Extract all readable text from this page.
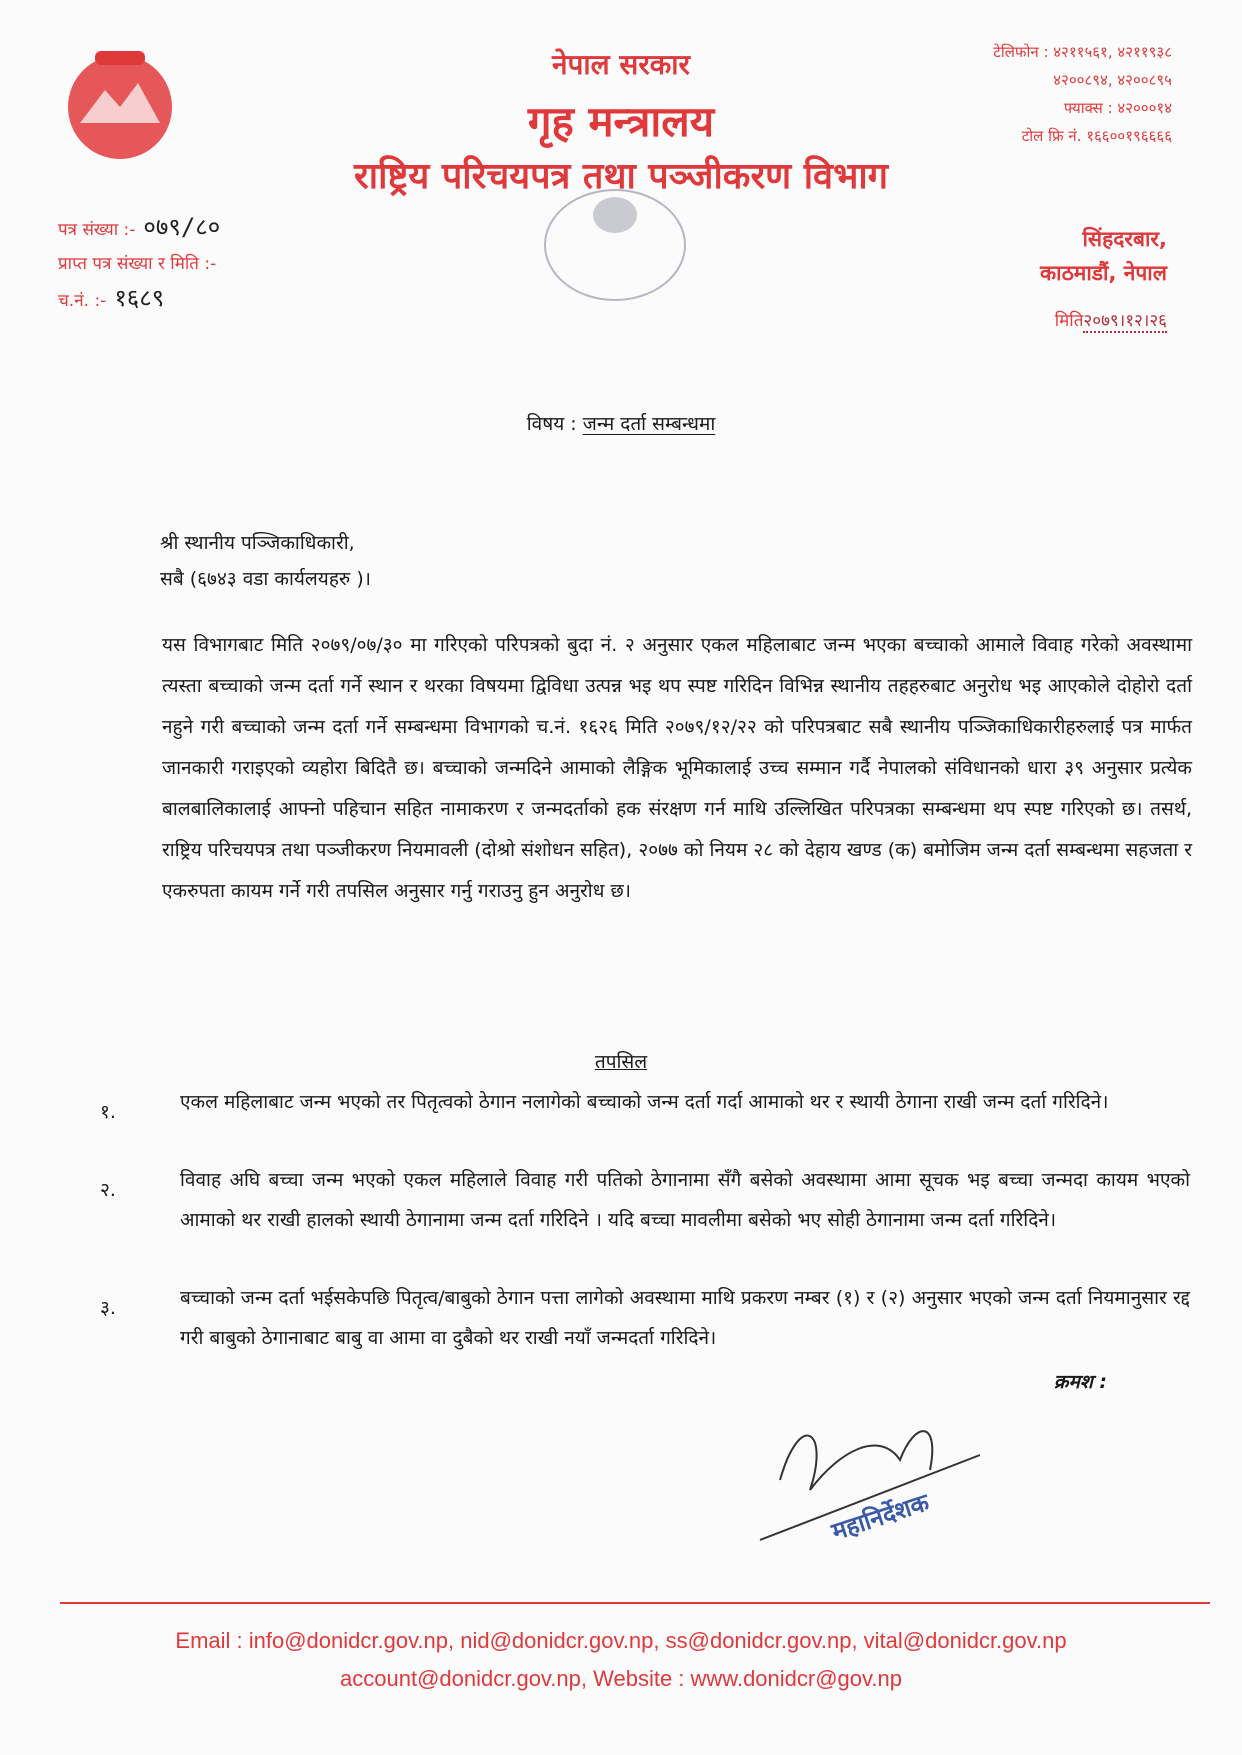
नेपाल सरकार
गृह मन्त्रालय
राष्ट्रिय परिचयपत्र तथा पञ्जीकरण विभाग
टेलिफोन : ४२११५६१, ४२११९३८
४२००८९४, ४२००८९५
फ्याक्स : ४२०००१४
टोल फ्रि नं. १६६००१९६६६६
पत्र संख्या :- ०७९/८०
प्राप्त पत्र संख्या र मिति :-
च.नं. :- १६८९
सिंहदरबार,
काठमाडौं, नेपाल
मिति२०७९।१२।२६
विषय : जन्म दर्ता सम्बन्धमा
श्री स्थानीय पञ्जिकाधिकारी,
सबै (६७४३ वडा कार्यलयहरु )।
यस विभागबाट मिति २०७९/०७/३० मा गरिएको परिपत्रको बुदा नं. २ अनुसार एकल महिलाबाट जन्म भएका बच्चाको आमाले विवाह गरेको अवस्थामा त्यस्ता बच्चाको जन्म दर्ता गर्ने स्थान र थरका विषयमा द्विविधा उत्पन्न भइ थप स्पष्ट गरिदिन विभिन्न स्थानीय तहहरुबाट अनुरोध भइ आएकोले दोहोरो दर्ता नहुने गरी बच्चाको जन्म दर्ता गर्ने सम्बन्धमा विभागको च.नं. १६२६ मिति २०७९/१२/२२ को परिपत्रबाट सबै स्थानीय पञ्जिकाधिकारीहरुलाई पत्र मार्फत जानकारी गराइएको व्यहोरा बिदितै छ। बच्चाको जन्मदिने आमाको लैङ्गिक भूमिकालाई उच्च सम्मान गर्दै नेपालको संविधानको धारा ३९ अनुसार प्रत्येक बालबालिकालाई आफ्नो पहिचान सहित नामाकरण र जन्मदर्ताको हक संरक्षण गर्न माथि उल्लिखित परिपत्रका सम्बन्धमा थप स्पष्ट गरिएको छ। तसर्थ, राष्ट्रिय परिचयपत्र तथा पञ्जीकरण नियमावली (दोश्रो संशोधन सहित), २०७७ को नियम २८ को देहाय खण्ड (क) बमोजिम जन्म दर्ता सम्बन्धमा सहजता र एकरुपता कायम गर्ने गरी तपसिल अनुसार गर्नु गराउनु हुन अनुरोध छ।
तपसिल
१.	एकल महिलाबाट जन्म भएको तर पितृत्वको ठेगान नलागेको बच्चाको जन्म दर्ता गर्दा आमाको थर र स्थायी ठेगाना राखी जन्म दर्ता गरिदिने।
२.	विवाह अघि बच्चा जन्म भएको एकल महिलाले विवाह गरी पतिको ठेगानामा सँगै बसेको अवस्थामा आमा सूचक भइ बच्चा जन्मदा कायम भएको आमाको थर राखी हालको स्थायी ठेगानामा जन्म दर्ता गरिदिने । यदि बच्चा मावलीमा बसेको भए सोही ठेगानामा जन्म दर्ता गरिदिने।
३.	बच्चाको जन्म दर्ता भईसकेपछि पितृत्व/बाबुको ठेगान पत्ता लागेको अवस्थामा माथि प्रकरण नम्बर (१) र (२) अनुसार भएको जन्म दर्ता नियमानुसार रद्द गरी बाबुको ठेगानाबाट बाबु वा आमा वा दुबैको थर राखी नयाँ जन्मदर्ता गरिदिने।
क्रमश :
महानिर्देशक
Email : info@donidcr.gov.np, nid@donidcr.gov.np, ss@donidcr.gov.np, vital@donidcr.gov.np
account@donidcr.gov.np, Website : www.donidcr@gov.np
